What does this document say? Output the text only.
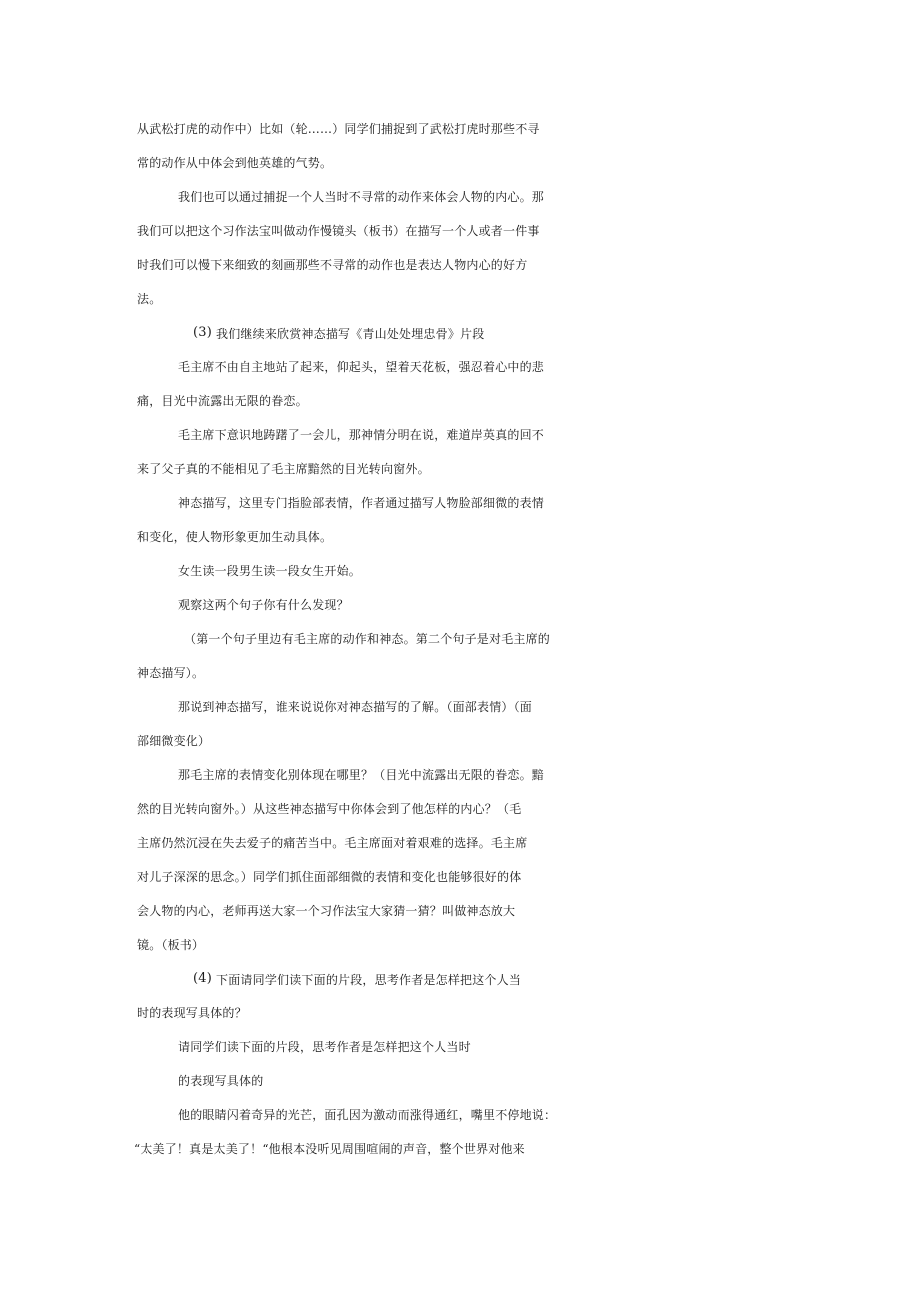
从武松打虎的动作中）比如（轮……）同学们捕捉到了武松打虎时那些不寻
常的动作从中体会到他英雄的气势。
我们也可以通过捕捉一个人当时不寻常的动作来体会人物的内心。那
我们可以把这个习作法宝叫做动作慢镜头（板书）在描写一个人或者一件事
时我们可以慢下来细致的刻画那些不寻常的动作也是表达人物内心的好方
法。
(3) 我们继续来欣赏神态描写《青山处处埋忠骨》片段
毛主席不由自主地站了起来，仰起头，望着天花板，强忍着心中的悲
痛，目光中流露出无限的眷恋。
毛主席下意识地踌躇了一会儿，那神情分明在说，难道岸英真的回不
来了父子真的不能相见了毛主席黯然的目光转向窗外。
神态描写，这里专门指脸部表情，作者通过描写人物脸部细微的表情
和变化，使人物形象更加生动具体。
女生读一段男生读一段女生开始。
观察这两个句子你有什么发现？
（第一个句子里边有毛主席的动作和神态。第二个句子是对毛主席的
神态描写）。
那说到神态描写，谁来说说你对神态描写的了解。（面部表情）（面
部细微变化）
那毛主席的表情变化别体现在哪里？（目光中流露出无限的眷恋。黯
然的目光转向窗外。）从这些神态描写中你体会到了他怎样的内心？（毛
主席仍然沉浸在失去爱子的痛苦当中。毛主席面对着艰难的选择。毛主席
对儿子深深的思念。）同学们抓住面部细微的表情和变化也能够很好的体
会人物的内心，老师再送大家一个习作法宝大家猜一猜？叫做神态放大
镜。（板书）
(4) 下面请同学们读下面的片段，思考作者是怎样把这个人当
时的表现写具体的？
请同学们读下面的片段，思考作者是怎样把这个人当时
的表现写具体的
他的眼睛闪着奇异的光芒，面孔因为激动而涨得通红，嘴里不停地说：
“太美了！真是太美了！“他根本没听见周围喧闹的声音，整个世界对他来
